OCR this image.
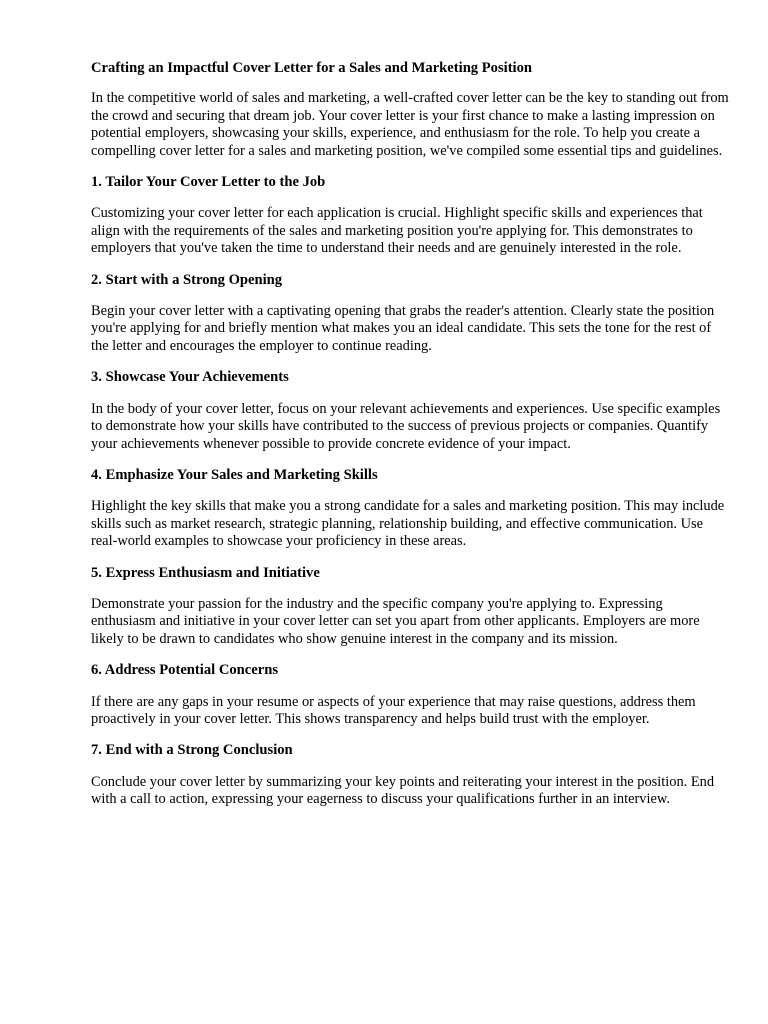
Crafting an Impactful Cover Letter for a Sales and Marketing Position
In the competitive world of sales and marketing, a well-crafted cover letter can be the key to standing out from the crowd and securing that dream job. Your cover letter is your first chance to make a lasting impression on potential employers, showcasing your skills, experience, and enthusiasm for the role. To help you create a compelling cover letter for a sales and marketing position, we've compiled some essential tips and guidelines.
1. Tailor Your Cover Letter to the Job
Customizing your cover letter for each application is crucial. Highlight specific skills and experiences that align with the requirements of the sales and marketing position you're applying for. This demonstrates to employers that you've taken the time to understand their needs and are genuinely interested in the role.
2. Start with a Strong Opening
Begin your cover letter with a captivating opening that grabs the reader's attention. Clearly state the position you're applying for and briefly mention what makes you an ideal candidate. This sets the tone for the rest of the letter and encourages the employer to continue reading.
3. Showcase Your Achievements
In the body of your cover letter, focus on your relevant achievements and experiences. Use specific examples to demonstrate how your skills have contributed to the success of previous projects or companies. Quantify your achievements whenever possible to provide concrete evidence of your impact.
4. Emphasize Your Sales and Marketing Skills
Highlight the key skills that make you a strong candidate for a sales and marketing position. This may include skills such as market research, strategic planning, relationship building, and effective communication. Use real-world examples to showcase your proficiency in these areas.
5. Express Enthusiasm and Initiative
Demonstrate your passion for the industry and the specific company you're applying to. Expressing enthusiasm and initiative in your cover letter can set you apart from other applicants. Employers are more likely to be drawn to candidates who show genuine interest in the company and its mission.
6. Address Potential Concerns
If there are any gaps in your resume or aspects of your experience that may raise questions, address them proactively in your cover letter. This shows transparency and helps build trust with the employer.
7. End with a Strong Conclusion
Conclude your cover letter by summarizing your key points and reiterating your interest in the position. End with a call to action, expressing your eagerness to discuss your qualifications further in an interview.
